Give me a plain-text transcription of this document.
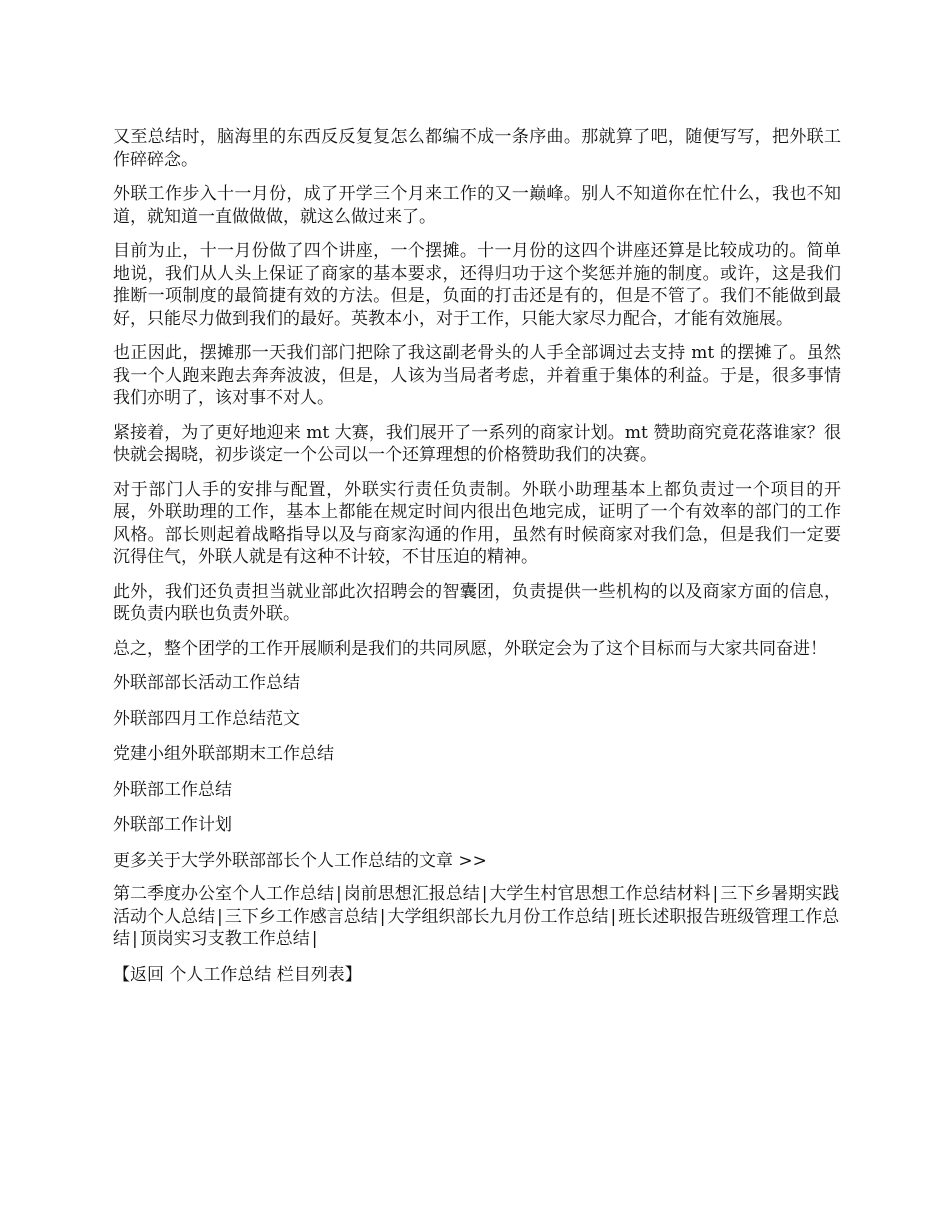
又至总结时，脑海里的东西反反复复怎么都编不成一条序曲。那就算了吧，随便写写，把外联工作碎碎念。

外联工作步入十一月份，成了开学三个月来工作的又一巅峰。别人不知道你在忙什么，我也不知道，就知道一直做做做，就这么做过来了。

目前为止，十一月份做了四个讲座，一个摆摊。十一月份的这四个讲座还算是比较成功的。简单地说，我们从人头上保证了商家的基本要求，还得归功于这个奖惩并施的制度。或许，这是我们推断一项制度的最简捷有效的方法。但是，负面的打击还是有的，但是不管了。我们不能做到最好，只能尽力做到我们的最好。英教本小，对于工作，只能大家尽力配合，才能有效施展。

也正因此，摆摊那一天我们部门把除了我这副老骨头的人手全部调过去支持 mt 的摆摊了。虽然我一个人跑来跑去奔奔波波，但是，人该为当局者考虑，并着重于集体的利益。于是，很多事情我们亦明了，该对事不对人。

紧接着，为了更好地迎来 mt 大赛，我们展开了一系列的商家计划。mt 赞助商究竟花落谁家？很快就会揭晓，初步谈定一个公司以一个还算理想的价格赞助我们的决赛。

对于部门人手的安排与配置，外联实行责任负责制。外联小助理基本上都负责过一个项目的开展，外联助理的工作，基本上都能在规定时间内很出色地完成，证明了一个有效率的部门的工作风格。部长则起着战略指导以及与商家沟通的作用，虽然有时候商家对我们急，但是我们一定要沉得住气，外联人就是有这种不计较，不甘压迫的精神。

此外，我们还负责担当就业部此次招聘会的智囊团，负责提供一些机构的以及商家方面的信息，既负责内联也负责外联。

总之，整个团学的工作开展顺利是我们的共同夙愿，外联定会为了这个目标而与大家共同奋进！

外联部部长活动工作总结

外联部四月工作总结范文

党建小组外联部期末工作总结

外联部工作总结

外联部工作计划

更多关于大学外联部部长个人工作总结的文章 >>

第二季度办公室个人工作总结 | 岗前思想汇报总结 | 大学生村官思想工作总结材料 | 三下乡暑期实践活动个人总结 | 三下乡工作感言总结 | 大学组织部长九月份工作总结 | 班长述职报告班级管理工作总结 | 顶岗实习支教工作总结 |

【返回 个人工作总结 栏目列表】
